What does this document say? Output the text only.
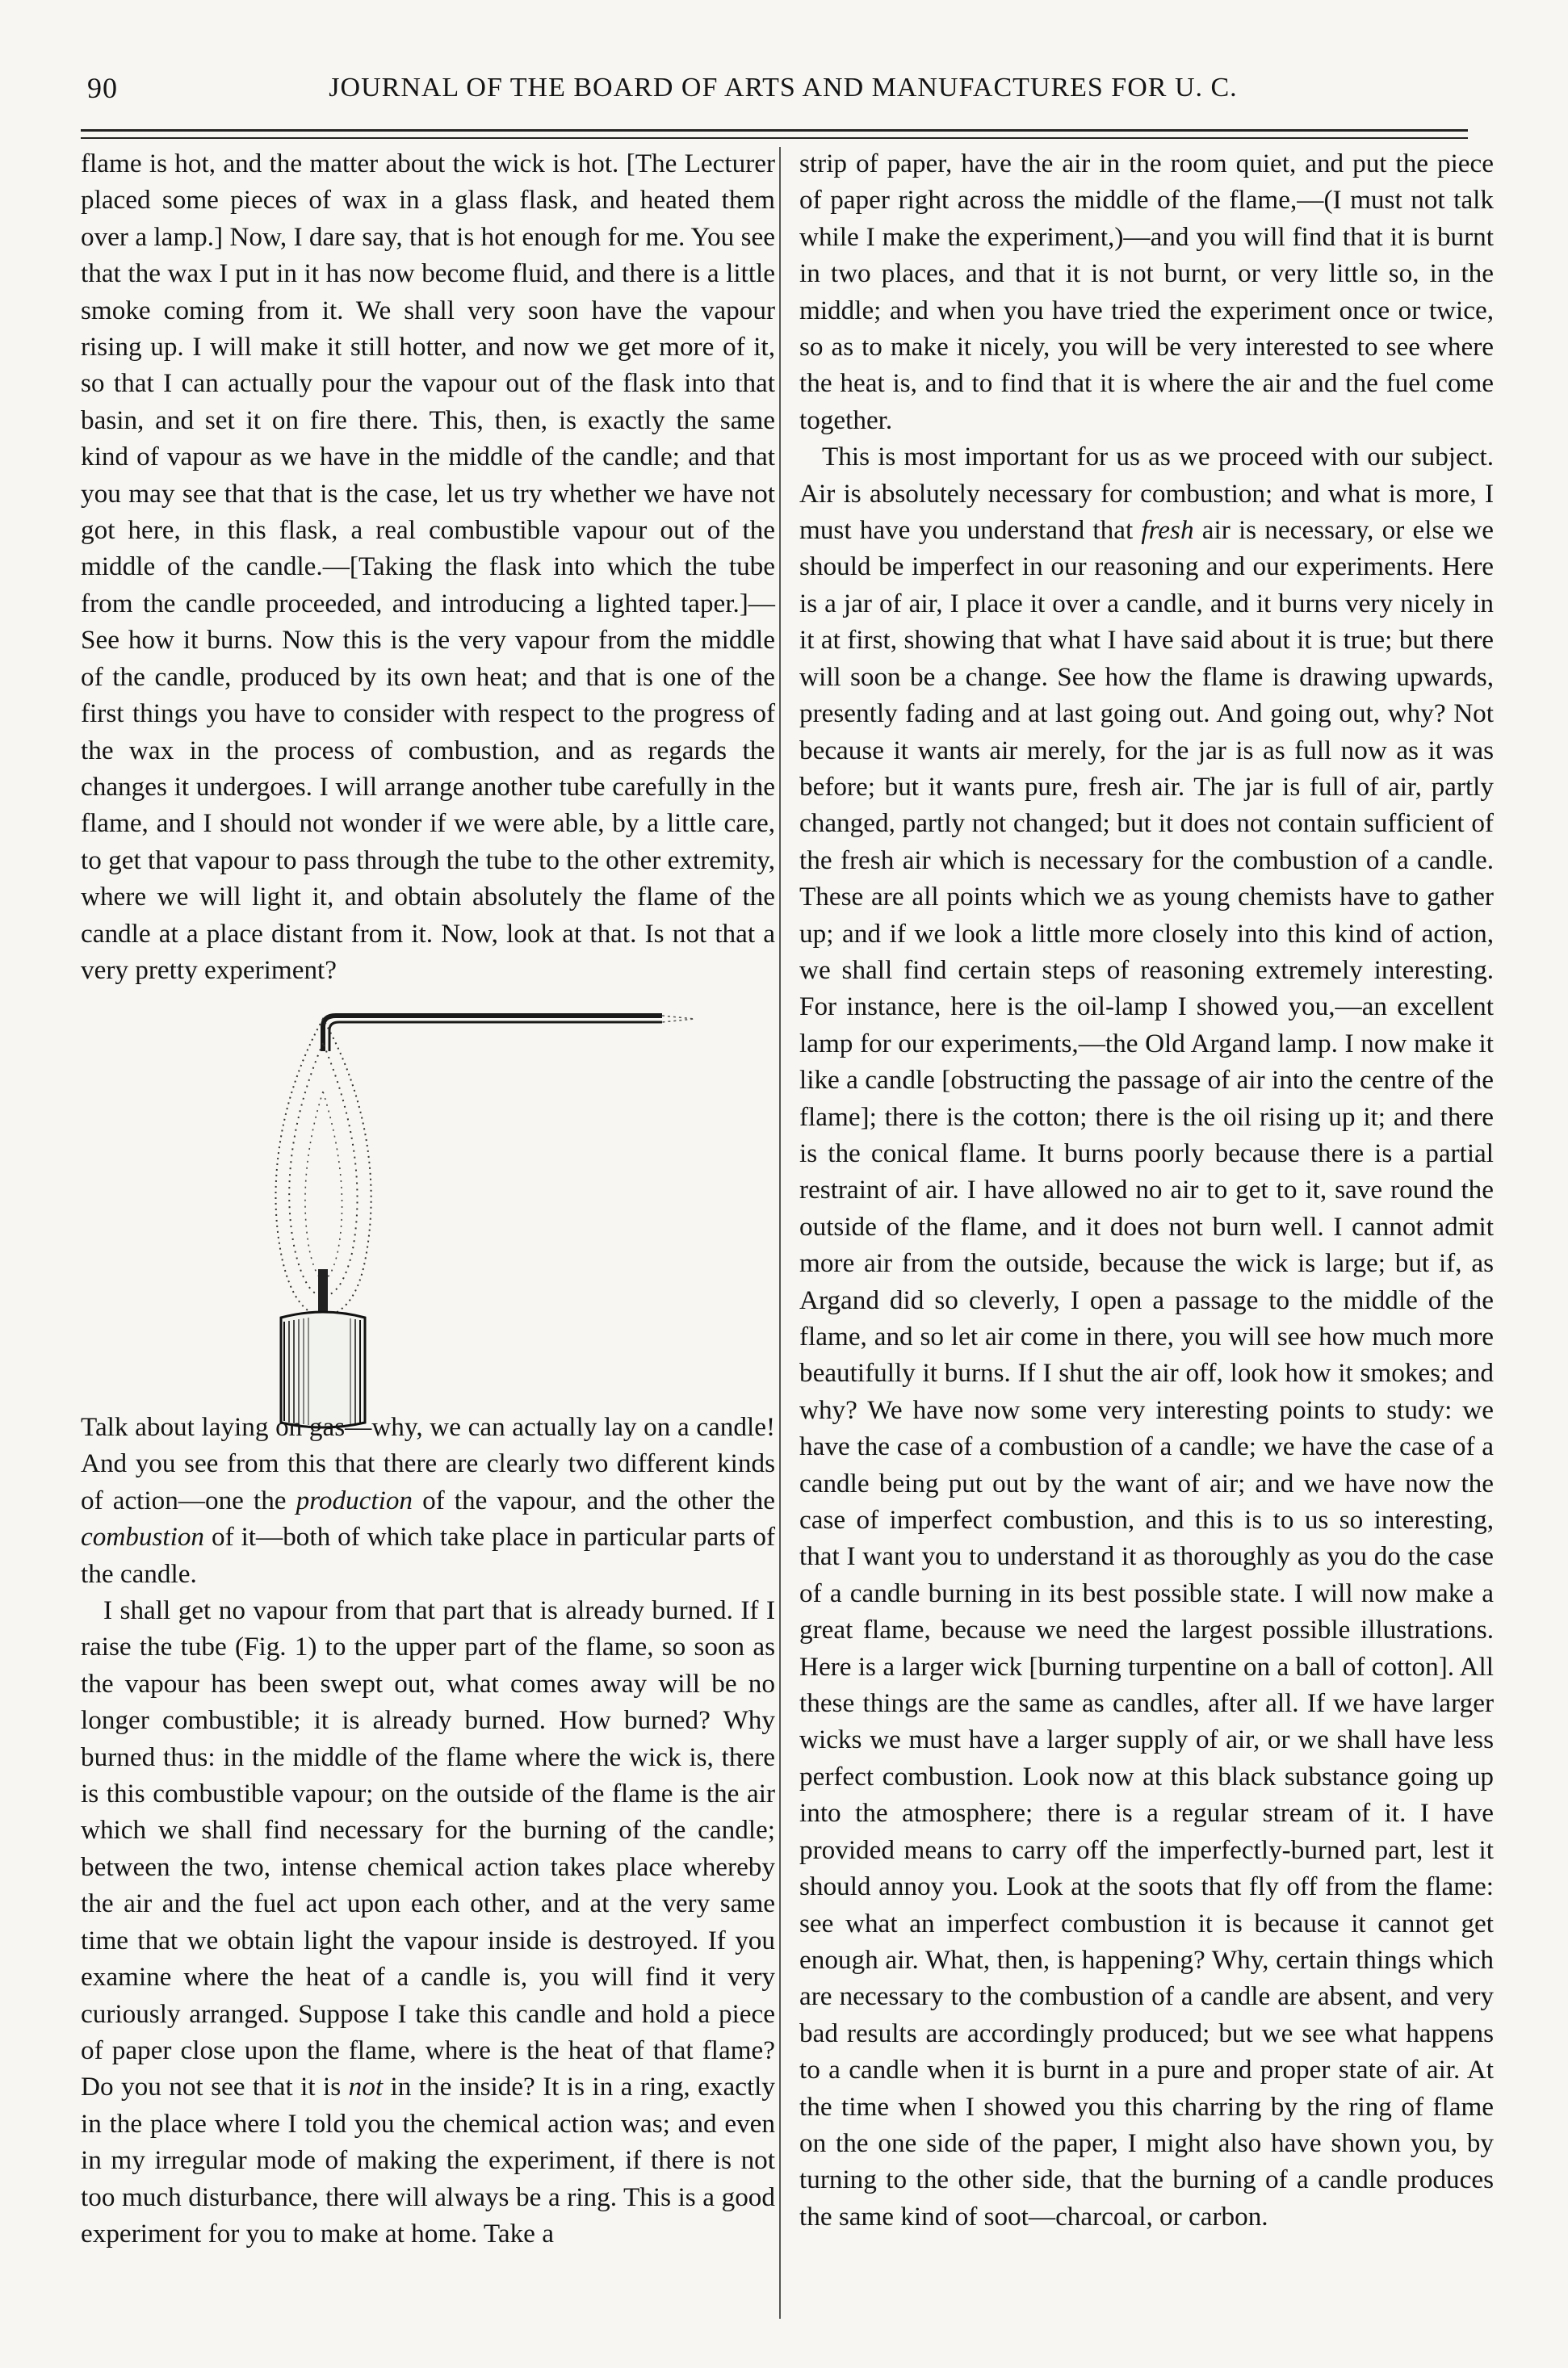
90	JOURNAL OF THE BOARD OF ARTS AND MANUFACTURES FOR U. C.

flame is hot, and the matter about the wick is hot. [The Lecturer placed some pieces of wax in a glass flask, and heated them over a lamp.] Now, I dare say, that is hot enough for me. You see that the wax I put in it has now become fluid, and there is a little smoke coming from it. We shall very soon have the vapour rising up. I will make it still hotter, and now we get more of it, so that I can actually pour the vapour out of the flask into that basin, and set it on fire there. This, then, is exactly the same kind of vapour as we have in the middle of the candle; and that you may see that that is the case, let us try whether we have not got here, in this flask, a real combustible vapour out of the middle of the candle.—[Taking the flask into which the tube from the candle proceeded, and introducing a lighted taper.]—See how it burns. Now this is the very vapour from the middle of the candle, produced by its own heat; and that is one of the first things you have to consider with respect to the progress of the wax in the process of combustion, and as regards the changes it undergoes. I will arrange another tube carefully in the flame, and I should not wonder if we were able, by a little care, to get that vapour to pass through the tube to the other extremity, where we will light it, and obtain absolutely the flame of the candle at a place distant from it. Now, look at that. Is not that a very pretty experiment?

Talk about laying on gas—why, we can actually lay on a candle! And you see from this that there are clearly two different kinds of action—one the production of the vapour, and the other the combustion of it—both of which take place in particular parts of the candle.

I shall get no vapour from that part that is already burned. If I raise the tube (Fig. 1) to the upper part of the flame, so soon as the vapour has been swept out, what comes away will be no longer combustible; it is already burned. How burned? Why burned thus: in the middle of the flame where the wick is, there is this combustible vapour; on the outside of the flame is the air which we shall find necessary for the burning of the candle; between the two, intense chemical action takes place whereby the air and the fuel act upon each other, and at the very same time that we obtain light the vapour inside is destroyed. If you examine where the heat of a candle is, you will find it very curiously arranged. Suppose I take this candle and hold a piece of paper close upon the flame, where is the heat of that flame? Do you not see that it is not in the inside? It is in a ring, exactly in the place where I told you the chemical action was; and even in my irregular mode of making the experiment, if there is not too much disturbance, there will always be a ring. This is a good experiment for you to make at home. Take a

strip of paper, have the air in the room quiet, and put the piece of paper right across the middle of the flame,—(I must not talk while I make the experiment,)—and you will find that it is burnt in two places, and that it is not burnt, or very little so, in the middle; and when you have tried the experiment once or twice, so as to make it nicely, you will be very interested to see where the heat is, and to find that it is where the air and the fuel come together.

This is most important for us as we proceed with our subject. Air is absolutely necessary for combustion; and what is more, I must have you understand that fresh air is necessary, or else we should be imperfect in our reasoning and our experiments. Here is a jar of air, I place it over a candle, and it burns very nicely in it at first, showing that what I have said about it is true; but there will soon be a change. See how the flame is drawing upwards, presently fading and at last going out. And going out, why? Not because it wants air merely, for the jar is as full now as it was before; but it wants pure, fresh air. The jar is full of air, partly changed, partly not changed; but it does not contain sufficient of the fresh air which is necessary for the combustion of a candle. These are all points which we as young chemists have to gather up; and if we look a little more closely into this kind of action, we shall find certain steps of reasoning extremely interesting. For instance, here is the oil-lamp I showed you,—an excellent lamp for our experiments,—the Old Argand lamp. I now make it like a candle [obstructing the passage of air into the centre of the flame]; there is the cotton; there is the oil rising up it; and there is the conical flame. It burns poorly because there is a partial restraint of air. I have allowed no air to get to it, save round the outside of the flame, and it does not burn well. I cannot admit more air from the outside, because the wick is large; but if, as Argand did so cleverly, I open a passage to the middle of the flame, and so let air come in there, you will see how much more beautifully it burns. If I shut the air off, look how it smokes; and why? We have now some very interesting points to study: we have the case of a combustion of a candle; we have the case of a candle being put out by the want of air; and we have now the case of imperfect combustion, and this is to us so interesting, that I want you to understand it as thoroughly as you do the case of a candle burning in its best possible state. I will now make a great flame, because we need the largest possible illustrations. Here is a larger wick [burning turpentine on a ball of cotton]. All these things are the same as candles, after all. If we have larger wicks we must have a larger supply of air, or we shall have less perfect combustion. Look now at this black substance going up into the atmosphere; there is a regular stream of it. I have provided means to carry off the imperfectly-burned part, lest it should annoy you. Look at the soots that fly off from the flame: see what an imperfect combustion it is because it cannot get enough air. What, then, is happening? Why, certain things which are necessary to the combustion of a candle are absent, and very bad results are accordingly produced; but we see what happens to a candle when it is burnt in a pure and proper state of air. At the time when I showed you this charring by the ring of flame on the one side of the paper, I might also have shown you, by turning to the other side, that the burning of a candle produces the same kind of soot—charcoal, or carbon.
